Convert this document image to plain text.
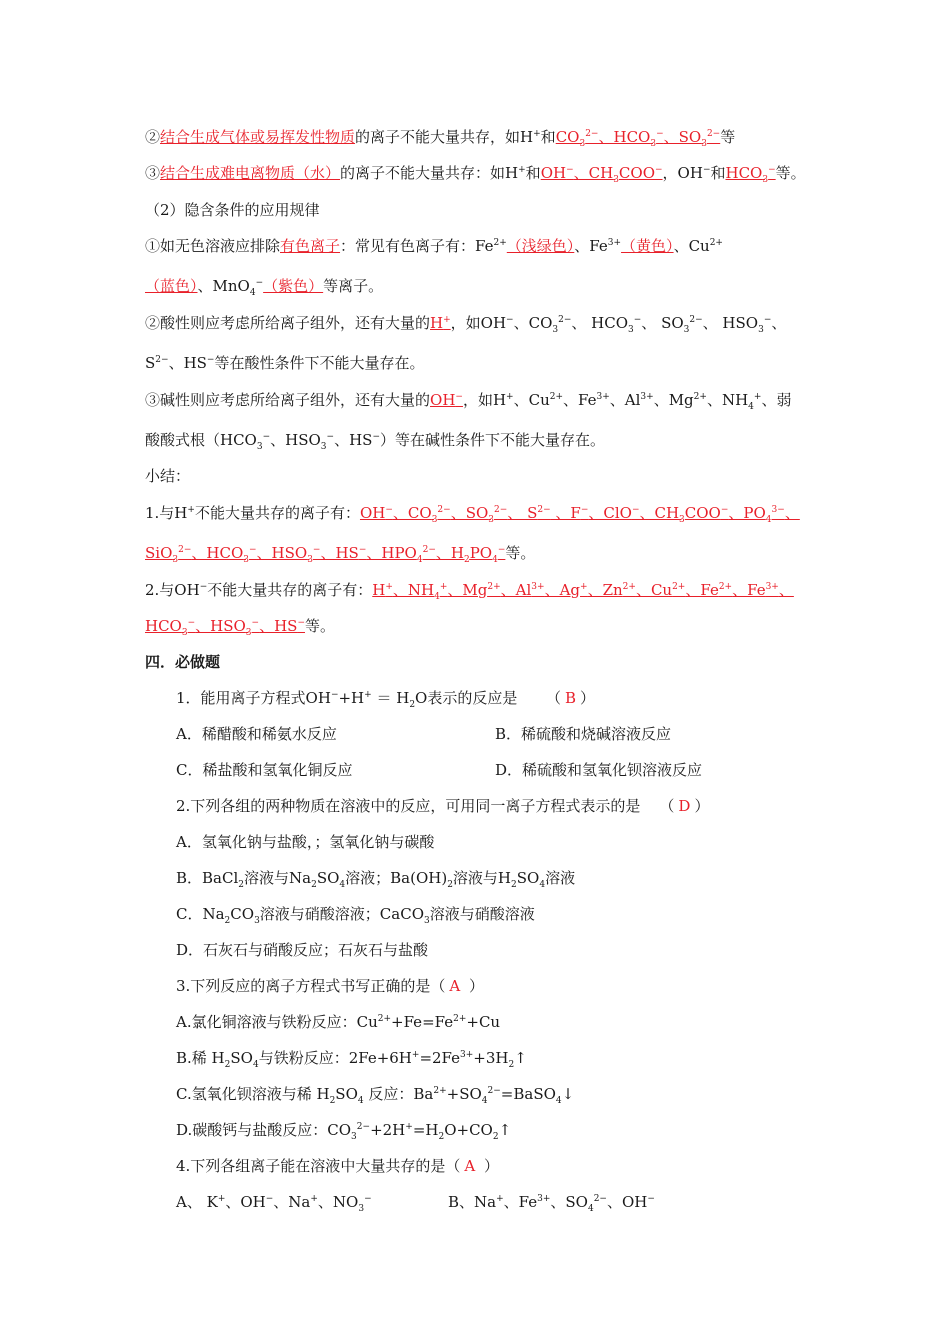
②结合生成气体或易挥发性物质的离子不能大量共存，如H+和$CO_3^{2-}$、$HCO_3^-$、$SO_3^{2-}$等
③结合生成难电离物质（水）的离子不能大量共存：如H+和OH−、$CH_3COO^-$，OH−和$HCO_3^-$等。
（2）隐含条件的应用规律
①如无色溶液应排除有色离子：常见有色离子有：$Fe^{2+}$（浅绿色）、$Fe^{3+}$（黄色）、$Cu^{2+}$
（蓝色）、MnO$_4$−（紫色）等离子。
②酸性则应考虑所给离子组外，还有大量的H+，如OH−、$CO_3^{2-}$、 $HCO_3^-$、 $SO_3^{2-}$、 $HSO_3^-$、
$S^{2-}$、HS−等在酸性条件下不能大量存在。
③碱性则应考虑所给离子组外，还有大量的OH−，如H+、$Cu^{2+}$、$Fe^{3+}$、$Al^{3+}$、$Mg^{2+}$、$NH_4^+$、弱
酸酸式根（$HCO_3^-$、$HSO_3^-$、HS−）等在碱性条件下不能大量存在。
小结：
1.与H+不能大量共存的离子有：OH−、$CO_3^{2-}$、$SO_3^{2-}$、 $S^{2-}$ 、F−、ClO−、$CH_3COO^-$、$PO_4^{3-}$、
SiO$_3^{2-}$、$HCO_3^-$、$HSO_3^-$、HS−、$HPO_4^{2-}$、$H_2PO_4^-$等。
2.与OH−不能大量共存的离子有：H+、$NH_4^+$、$Mg^{2+}$、$Al^{3+}$、Ag+、$Zn^{2+}$、$Cu^{2+}$、$Fe^{2+}$、$Fe^{3+}$、
$HCO_3^-$、$HSO_3^-$、HS−等。
四．必做题
1．能用离子方程式$OH^-+H^+ = H_2O$表示的反应是      （ B ）
A．稀醋酸和稀氨水反应	B．稀硫酸和烧碱溶液反应
C．稀盐酸和氢氧化铜反应	D．稀硫酸和氢氧化钡溶液反应
2.下列各组的两种物质在溶液中的反应，可用同一离子方程式表示的是    （ D ）
A．氢氧化钠与盐酸，；氢氧化钠与碳酸
B．BaCl$_2$溶液与$Na_2SO_4$溶液；$Ba(OH)_2$溶液与$H_2SO_4$溶液
C．$Na_2CO_3$溶液与硝酸溶液；CaCO$_3$溶液与硝酸溶液
D．石灰石与硝酸反应；石灰石与盐酸
3.下列反应的离子方程式书写正确的是（ A ）
A.氯化铜溶液与铁粉反应：$Cu^{2+}+Fe=Fe^{2+}+Cu$
B.稀 $H_2SO_4$与铁粉反应：$2Fe+6H^+=2Fe^{3+}+3H_2↑$
C.氢氧化钡溶液与稀 $H_2SO_4$ 反应：$Ba^{2+}+SO_4^{2-}=BaSO_4↓$
D.碳酸钙与盐酸反应：$CO_3^{2-}+2H^+=H_2O+CO_2↑$
4.下列各组离子能在溶液中大量共存的是（ A ）
A、 K+、OH−、Na+、$NO_3^-$	B、Na+、$Fe^{3+}$、$SO_4^{2-}$、OH−
